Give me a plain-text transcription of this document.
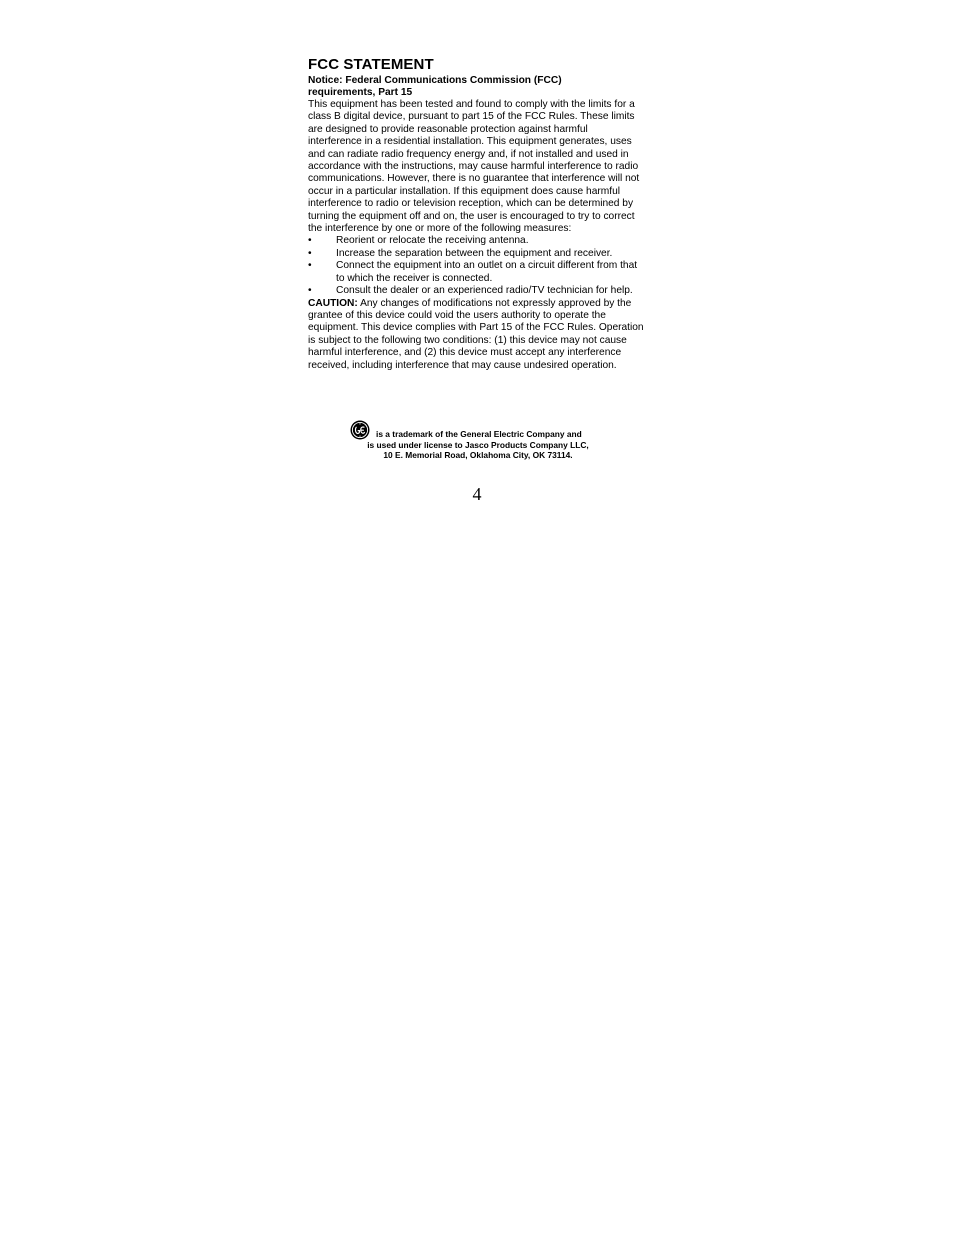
FCC STATEMENT

Notice: Federal Communications Commission (FCC) requirements, Part 15

This equipment has been tested and found to comply with the limits for a class B digital device, pursuant to part 15 of the FCC Rules. These limits are designed to provide reasonable protection against harmful interference in a residential installation. This equipment generates, uses and can radiate radio frequency energy and, if not installed and used in accordance with the instructions, may cause harmful interference to radio communications. However, there is no guarantee that interference will not occur in a particular installation. If this equipment does cause harmful interference to radio or television reception, which can be determined by turning the equipment off and on, the user is encouraged to try to correct the interference by one or more of the following measures:

•	Reorient or relocate the receiving antenna.
•	Increase the separation between the equipment and receiver.
•	Connect the equipment into an outlet on a circuit different from that to which the receiver is connected.
•	Consult the dealer or an experienced radio/TV technician for help.

CAUTION: Any changes of modifications not expressly approved by the grantee of this device could void the users authority to operate the equipment. This device complies with Part 15 of the FCC Rules. Operation is subject to the following two conditions: (1) this device may not cause harmful interference, and (2) this device must accept any interference received, including interference that may cause undesired operation.

is a trademark of the General Electric Company and
is used under license to Jasco Products Company LLC,
10 E. Memorial Road, Oklahoma City, OK 73114.
4
